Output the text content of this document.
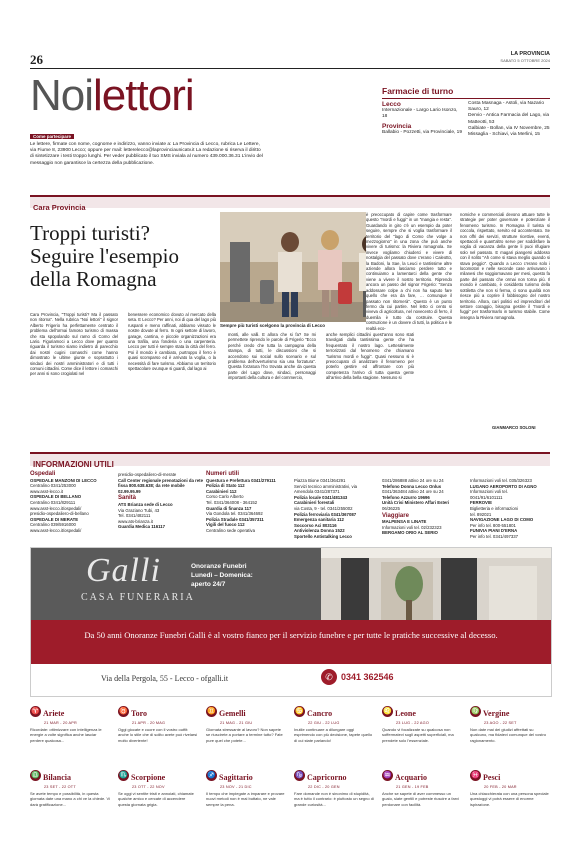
26	LA PROVINCIA
SABATO 5 OTTOBRE 2024
Noilettori
Come partecipare
Le lettere, firmate con nome, cognome e indirizzo, vanno inviate a: La Provincia di Lecco, rubrica Le Lettere, via Fiume 8, 23900 Lecco; oppure per mail: letterelecco@laprovinciaunicatv.it La redazione si riserva il diritto di sintetizzare i testi troppo lunghi. Per veder pubblicato il tuo SMS inviala al numero 439.000.36.31 L'invio del messaggio non garantisce la certezza della pubblicazione.
Farmacie di turno
Lecco
Internazionale - Largo Lario Isonzo, 18
Provincia
Ballabio - Pozzetti, via Provinciale, 19
Costa Masnaga - Astoli, via Nazario Sauro, 12
Dervio - Antica Farmacia del Lago, via Matteotti, 53
Galbiate - Bollan, via IV Novembre, 25
Missaglia - Schiavi, via Merlini, 15
Cara Provincia
Troppi turisti? Seguire l'esempio della Romagna
Sempre più turisti scelgono la provincia di Lecco
Cara Provincia, "Troppi turisti? Ma il passato non ritorna". Nella rubrica "Noi lettori" il signor Alberto Frigerio ha perfettamente centrato il problema dell'ormai famoso turismo di massa che sta spopolando sul ramo di Como del Lario. Figuriamoci a Lecco dove per quanto riguarda il turismo siamo indietro di parecchio dai nostri cugini comaschi come hanno dimostrato le ultime giunte e soprattutto i sindaci dei nostri amministratori e di tutti i comuni cittadini. Come dice il lettore i comaschi per anni si sono crogiolati nel
benessere economico dovuto al mercato della seta. E Lecco? Per anni, noi di qua del lago più ruspanti e meno raffinati, abbiamo vissuto le nostre dovute al ferro. In ogni settore di lavoro, garage, cantina, e piccole organizzazioni era una trafila, una fonderia o una carpenteria. Lecco per tutti è sempre stata la città del ferro. Poi il mondo è cambiato, purtroppo il ferro è quasi scomparso ed è arrivato la voglia, o la necessità di fare turismo. Abbiamo un territorio spettacolare ovunque si guardi, dal lago ai
monti, alle valli. E allora che si fa? Se mi permettete riprendo le parole di Frigerio "Ecco perché credo che tutta la campagna della stampa, di tutti, le discussioni che si accendono sui social sullo scenario e sul problema dell'overturismo sia una forzatura". Questa forzatura l'ho trovata anche da questa parte del Lago dove, sindaci, personaggi importanti della cultura e del commercio,
anche semplici cittadini quest'anno sono stati travolgati dalla tantissima gente che ha frequentato il nostro lago. Letteralmente terrorizzati dal fenomeno che chiamano "turismo mordi e fuggi". Quasi nessuno si è preoccupato di analizzare il fenomeno per poterlo gestire ed affrontare con più competenza l'arrivo di tutta questa gente all'arrivo della bella stagione. Nessuno si
è preoccupato di capire come trasformare questo "mordi e fuggi" in un "mangia e resta". Guardando in giro c'è un esempio da poter seguire, sempre che si voglia trasformare il territorio del "lago di Como che volge a mezzogiorno" in una zona che può anche vivere di turismo: la Riviera romagnola. Se invece vogliamo chiuderci e vivere di nostalgia del passato dove c'erano i Caleotto, la Badoni, la Sae, la Leuci e tantissime altre aziende allora lasciamo perdere tutto e continuiamo a lamentarci della gente che viene a vivere il nostro territorio. Riprendo ancora un passo del signor Frigerio: "Senza addossare colpe a chi non ha saputo fare quello che era da fare, … comunque il passato non ritornerà". Questo è un punto fermo da cui partire. Nel letto ci cento si viveva di agricoltura, nel novecento di ferro, il duemila è tutto da costruire. Questa costruzione è un dovere di tutti, la politica e le realtà eco-
nomiche e commerciali devono attuare tutte le strategie per poter governare e potenziare il fenomeno turismo. In Romagna il turista si coccola, rispettato, servito ed accontentato. Se non offri dei servizi, strutture ricettive, eventi, spettacoli e quant'altro serve per soddisfare la voglia di vacanza della gente li puoi rifugiare solo nel passato. E magari piangersi addosso con il solito "Ah come si stava meglio quando si stava peggio". Quando a Lecco c'erano solo i locomotori e nelle seconde case arrivavano i milanesi che soggiornavano per mesi, questo fa parte del passato che ormai non torna più. Il mondo è cambiato, è cosiddetto turismo della sottiletta che non si ferma, ci sono qualità non riesce più a coprire il fabbisogno del nostro territorio. Allora, cari politici ed imprenditori del settore coraggio, bisogna gestire il "mordi e fuggi" per trasformarlo in turismo stabile. Come insegna la Riviera romagnola.
GIANMARCO SOLONI
INFORMAZIONI UTILI
Ospedali
OSPEDALE MANZONI DI LECCO
Centralino 0341/253000
www.asst-lecco.it
OSPEDALE DI BELLANO
Centralino 0341/829111
www.asst-lecco.it/ospedali/
presidio-ospedaliero-di-bellano
OSPEDALE DI MERATE
Centralino 039/5916000
www.asst-lecco.it/ospedali/
presidio-ospedaliero-di-merate
Call Center regionale prenotazioni da rete fissa 800.638.638; da rete mobile 02.99.95.99
Sanità
ATS Brianza sede di Lecco
Via Graziano Tubi, 43
Tel. 0341/482111
www.ats-brianza.it
Guardia Medica 116117
Numeri utili
Questura e Prefettura 0341/279111
Polizia di Stato 112
Carabinieri 112
Corso Carlo Alberto
Tel. 0341/364008 - 364152
Guardia di finanza 117
Via Gondola tel. 0341/364692
Polizia Stradale 0341/357311
Vigili del fuoco 112
Centralino sede operativa
Piazza Bione 0341/364291
Servizi tecnico amministrativi, via
Amendola 0341/287371
Polizia locale 0341/481343
Carabinieri forestali
via Costa, 9 - tel. 0341/255002
Polizia ferroviaria 0341/367087
Emergenza sanitaria 112
Soccorso Aci 803116
Antiviolenza Donna 1522
Sportello Antistalking Lecco
0341/286888 attivo 24 ore su 24
Telefono Donna Lecco Onlus
0341/363484 attivo 24 ore su 24
Telefono Azzurro 19696
Unità Crisi Ministero Affari Esteri
06/36225
Viaggiare
MALPENSA E LINATE
Informazioni voli tel. 02/232323
BERGAMO ORIO AL SERIO
Informazioni voli tel. 035/326323
LUGANO AEROPORTO DI AGNO
Informazioni voli tel.
0041/91/6101111
FERROVIE
Biglietteria e informazioni
tel. 892021
NAVIGAZIONE LAGO DI COMO
Per info tel. 800-551801
FUNIVIA PIANI D'ERNA
Per info tel. 0341/497337
Galli
CASA FUNERARIA
Onoranze Funebri
Lunedì – Domenica:
aperto 24/7
Da 50 anni Onoranze Funebri Galli è al vostro fianco per il servizio funebre e per tutte le pratiche successive al decesso.
Via della Pergola, 55 - Lecco - ofgalli.it	✆ 0341 362546
♈ Ariete
21 MAR - 20 APR
Ricordate: ottimizzare con intelligenza le energie a volte significa anche lasciar perdere qualcosa...
♉ Toro
21 APR - 20 MAG
Oggi giocate e cuore con il vostro outfit: anche lo stile che di solito avete può rivelarsi molto divertente!
♊ Gemelli
21 MAG - 21 GIU
Giornata stressante al lavoro? Non sapete se riuscirete a portare a termine tutto? Fate pure quel che potete...
♋ Cancro
22 GIU - 22 LUG
Inutile continuare a dilungare oggi esprimendo con più decisione, tapete quello di cui state parlando!
♌ Leone
23 LUG - 22 AGO
Quando vi focalizzate su qualcosa non soffermatevi sugli aspetti superficiali, ma prendete solo l'essenziale.
♍ Vergine
23 AGO - 22 SET
Non date mai dei giudizi affrettati su qualcuno, ma fidatevi comunque del vostro ragionamento.
♎ Bilancia
23 SET - 22 OTT
Se avete tempo e possibilità, in questa giornata date una mano a chi ve la chiede. Vi darà gratificazione...
♏ Scorpione
23 OTT - 22 NOV
Se oggi vi sentite tristi e annoiati, chiamate qualche amico e cercate di accendere questa giornata grigia.
♐ Sagittario
23 NOV - 21 DIC
Il tempo che impiegate a imparare e provare nuovi metodi non è mai buttato, ne vale sempre la pena.
♑ Capricorno
22 DIC - 20 GEN
Fare domande non è sinonimo di stupidità, ma è tutto il contrario: è piuttosto un segno di grande curiosità...
♒ Acquario
21 GEN - 19 FEB
Anche se sapete di aver commesso un guaio, siate gentili e potreste riuscire a farvi perdonare con facilità.
♓ Pesci
20 FEB - 20 MAR
Una chiacchierata con una persona speciale questoggi vi potrà essere di enorme ispirazione.
